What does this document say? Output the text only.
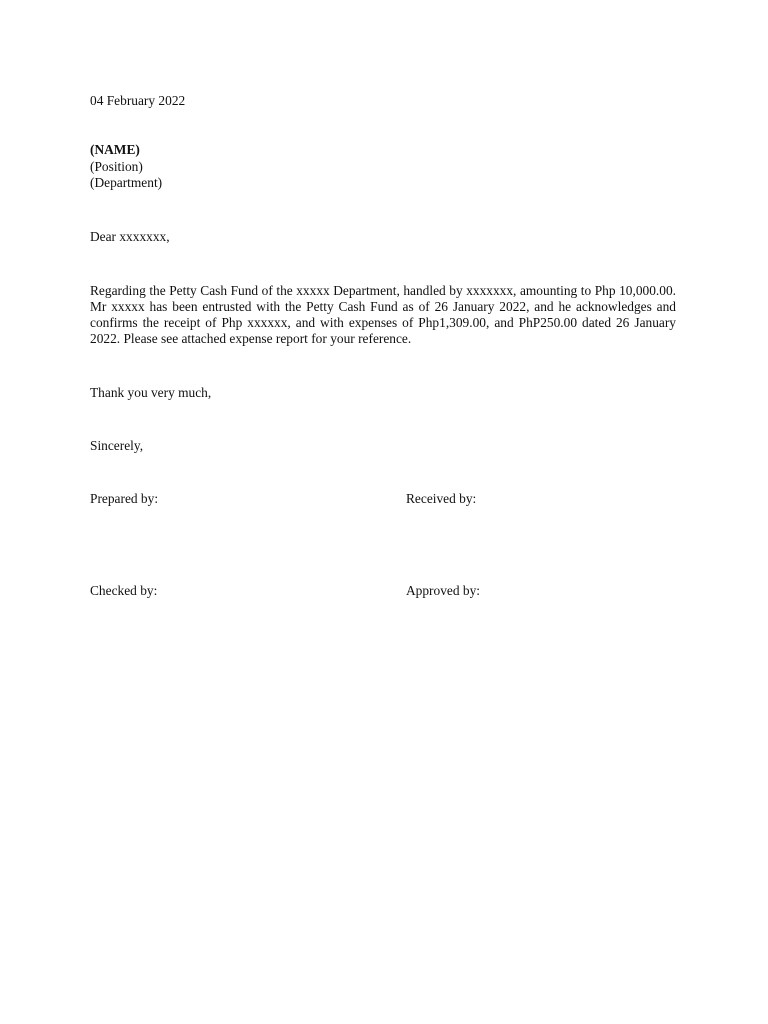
04 February 2022
(NAME)
(Position)
(Department)
Dear xxxxxxx,
Regarding the Petty Cash Fund of the xxxxx Department, handled by xxxxxxx, amounting to Php 10,000.00. Mr xxxxx has been entrusted with the Petty Cash Fund as of 26 January 2022, and he acknowledges and confirms the receipt of Php xxxxxx, and with expenses of Php1,309.00, and PhP250.00 dated 26 January 2022. Please see attached expense report for your reference.
Thank you very much,
Sincerely,
Prepared by:	Received by:
Checked by:	Approved by:
